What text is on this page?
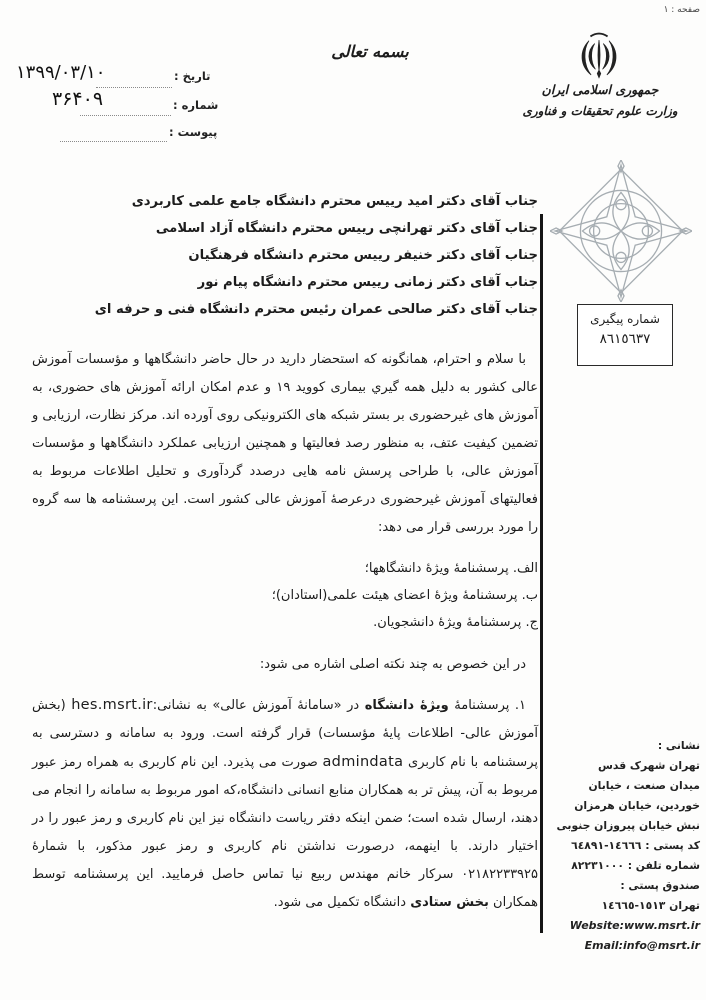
صفحه : ۱
جمهوری اسلامی ایران
وزارت علوم تحقیقات و فناوری
بسمه تعالی
تاریخ :
۱۳۹۹/۰۳/۱۰
شماره :
۳۶۴۰۹
پیوست :
شماره پیگیری
٨٦١٥٦٣٧
جناب آقای دکتر امید رییس محترم دانشگاه جامع علمی کاربردی
جناب آقای دکتر تهرانچی رییس محترم دانشگاه آزاد اسلامی
جناب آقای دکتر خنیفر رییس محترم دانشگاه فرهنگیان
جناب آقای دکتر زمانی رییس محترم دانشگاه پیام نور
جناب آقای دکتر صالحی عمران رئیس محترم دانشگاه فنی و حرفه ای

با سلام و احترام، همانگونه که استحضار دارید در حال حاضر دانشگاهها و مؤسسات آموزش عالی کشور به دلیل همه گیري بیماری کووید ۱۹ و عدم امکان ارائه آموزش های حضوری، به آموزش های غیرحضوری بر بستر شبکه های الکترونیکی روی آورده اند. مرکز نظارت، ارزیابی و تضمین کیفیت عتف، به منظور رصد فعالیتها و همچنین ارزیابی عملکرد دانشگاهها و مؤسسات آموزش عالی، با طراحی پرسش نامه هایی درصدد گردآوری و تحلیل اطلاعات مربوط به فعالیتهای آموزش غیرحضوری درعرصۀ آموزش عالی کشور است. این پرسشنامه ها سه گروه را مورد بررسی قرار می دهد:

الف. پرسشنامۀ ویژۀ دانشگاهها؛
ب. پرسشنامۀ ویژۀ اعضای هیئت علمی(استادان)؛
ج. پرسشنامۀ ویژۀ دانشجویان.
در این خصوص به چند نکته اصلی اشاره می شود:

۱. پرسشنامۀ ویژۀ دانشگاه در «سامانۀ آموزش عالی» به نشانی:hes.msrt.ir (بخش آموزش عالی- اطلاعات پایۀ مؤسسات) قرار گرفته است. ورود به سامانه و دسترسی به پرسشنامه با نام کاربری admindata صورت می پذیرد. این نام کاربری به همراه رمز عبور مربوط به آن، پیش تر به همکاران منابع انسانی دانشگاه،که امور مربوط به سامانه را انجام می دهند، ارسال شده است؛ ضمن اینکه دفتر ریاست دانشگاه نیز این نام کاربری و رمز عبور را در اختیار دارند. با اینهمه، درصورت نداشتن نام کاربری و رمز عبور مذکور، با شمارۀ ۰۲۱۸۲۲۳۳۹۲۵ سرکار خانم مهندس ربیع نیا تماس حاصل فرمایید. این پرسشنامه توسط همکاران بخش ستادی دانشگاه تکمیل می شود.

نشانی :
تهران شهرک قدس
میدان صنعت ، خیابان
خوردین، خیابان هرمزان
نبش خیابان پیروزان جنوبی
کد پستی : ١٤٦٦٦-٦٤٨٩١
شماره تلفن : ٨٢٢٣١٠٠٠
صندوق پستی :
تهران ١٥١٣-١٤٦٦٥
Website:www.msrt.ir
Email:info@msrt.ir
